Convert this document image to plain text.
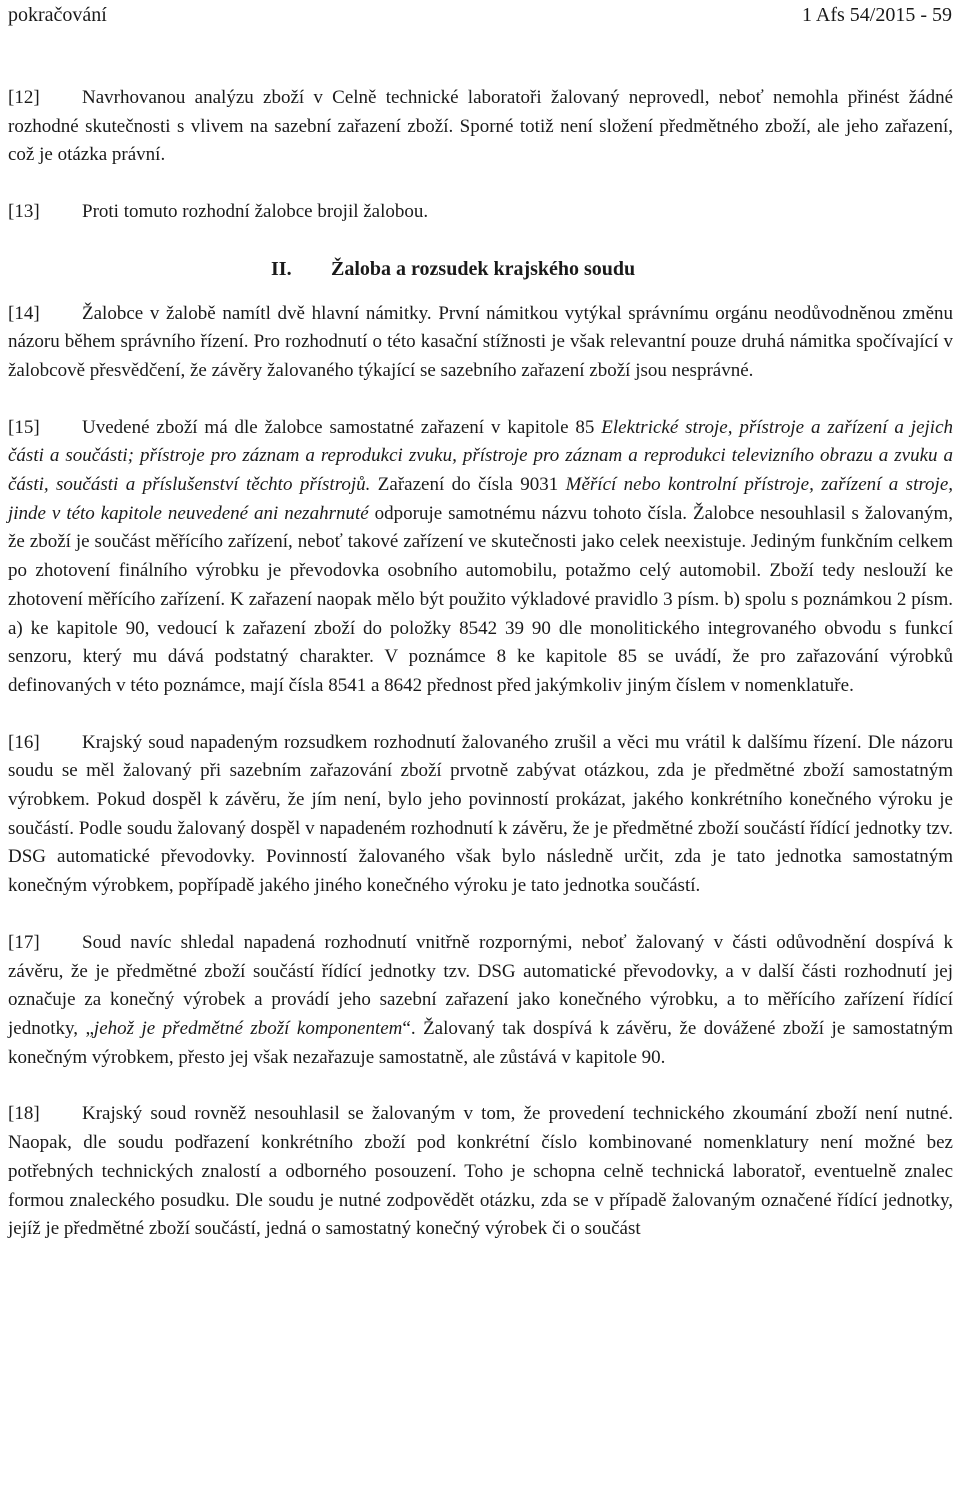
pokračování	1 Afs 54/2015 - 59

[12] Navrhovanou analýzu zboží v Celně technické laboratoři žalovaný neprovedl, neboť nemohla přinést žádné rozhodné skutečnosti s vlivem na sazební zařazení zboží. Sporné totiž není složení předmětného zboží, ale jeho zařazení, což je otázka právní.

[13] Proti tomuto rozhodní žalobce brojil žalobou.

II. Žaloba a rozsudek krajského soudu

[14] Žalobce v žalobě namítl dvě hlavní námitky. První námitkou vytýkal správnímu orgánu neodůvodněnou změnu názoru během správního řízení. Pro rozhodnutí o této kasační stížnosti je však relevantní pouze druhá námitka spočívající v žalobcově přesvědčení, že závěry žalovaného týkající se sazebního zařazení zboží jsou nesprávné.

[15] Uvedené zboží má dle žalobce samostatné zařazení v kapitole 85 Elektrické stroje, přístroje a zařízení a jejich části a součásti; přístroje pro záznam a reprodukci zvuku, přístroje pro záznam a reprodukci televizního obrazu a zvuku a části, součásti a příslušenství těchto přístrojů. Zařazení do čísla 9031 Měřící nebo kontrolní přístroje, zařízení a stroje, jinde v této kapitole neuvedené ani nezahrnuté odporuje samotnému názvu tohoto čísla. Žalobce nesouhlasil s žalovaným, že zboží je součást měřícího zařízení, neboť takové zařízení ve skutečnosti jako celek neexistuje. Jediným funkčním celkem po zhotovení finálního výrobku je převodovka osobního automobilu, potažmo celý automobil. Zboží tedy neslouží ke zhotovení měřícího zařízení. K zařazení naopak mělo být použito výkladové pravidlo 3 písm. b) spolu s poznámkou 2 písm. a) ke kapitole 90, vedoucí k zařazení zboží do položky 8542 39 90 dle monolitického integrovaného obvodu s funkcí senzoru, který mu dává podstatný charakter. V poznámce 8 ke kapitole 85 se uvádí, že pro zařazování výrobků definovaných v této poznámce, mají čísla 8541 a 8642 přednost před jakýmkoliv jiným číslem v nomenklatuře.

[16] Krajský soud napadeným rozsudkem rozhodnutí žalovaného zrušil a věci mu vrátil k dalšímu řízení. Dle názoru soudu se měl žalovaný při sazebním zařazování zboží prvotně zabývat otázkou, zda je předmětné zboží samostatným výrobkem. Pokud dospěl k závěru, že jím není, bylo jeho povinností prokázat, jakého konkrétního konečného výroku je součástí. Podle soudu žalovaný dospěl v napadeném rozhodnutí k závěru, že je předmětné zboží součástí řídící jednotky tzv. DSG automatické převodovky. Povinností žalovaného však bylo následně určit, zda je tato jednotka samostatným konečným výrobkem, popřípadě jakého jiného konečného výroku je tato jednotka součástí.

[17] Soud navíc shledal napadená rozhodnutí vnitřně rozpornými, neboť žalovaný v části odůvodnění dospívá k závěru, že je předmětné zboží součástí řídící jednotky tzv. DSG automatické převodovky, a v další části rozhodnutí jej označuje za konečný výrobek a provádí jeho sazební zařazení jako konečného výrobku, a to měřícího zařízení řídící jednotky, „jehož je předmětné zboží komponentem“. Žalovaný tak dospívá k závěru, že dovážené zboží je samostatným konečným výrobkem, přesto jej však nezařazuje samostatně, ale zůstává v kapitole 90.

[18] Krajský soud rovněž nesouhlasil se žalovaným v tom, že provedení technického zkoumání zboží není nutné. Naopak, dle soudu podřazení konkrétního zboží pod konkrétní číslo kombinované nomenklatury není možné bez potřebných technických znalostí a odborného posouzení. Toho je schopna celně technická laboratoř, eventuelně znalec formou znaleckého posudku. Dle soudu je nutné zodpovědět otázku, zda se v případě žalovaným označené řídící jednotky, jejíž je předmětné zboží součástí, jedná o samostatný konečný výrobek či o součást
